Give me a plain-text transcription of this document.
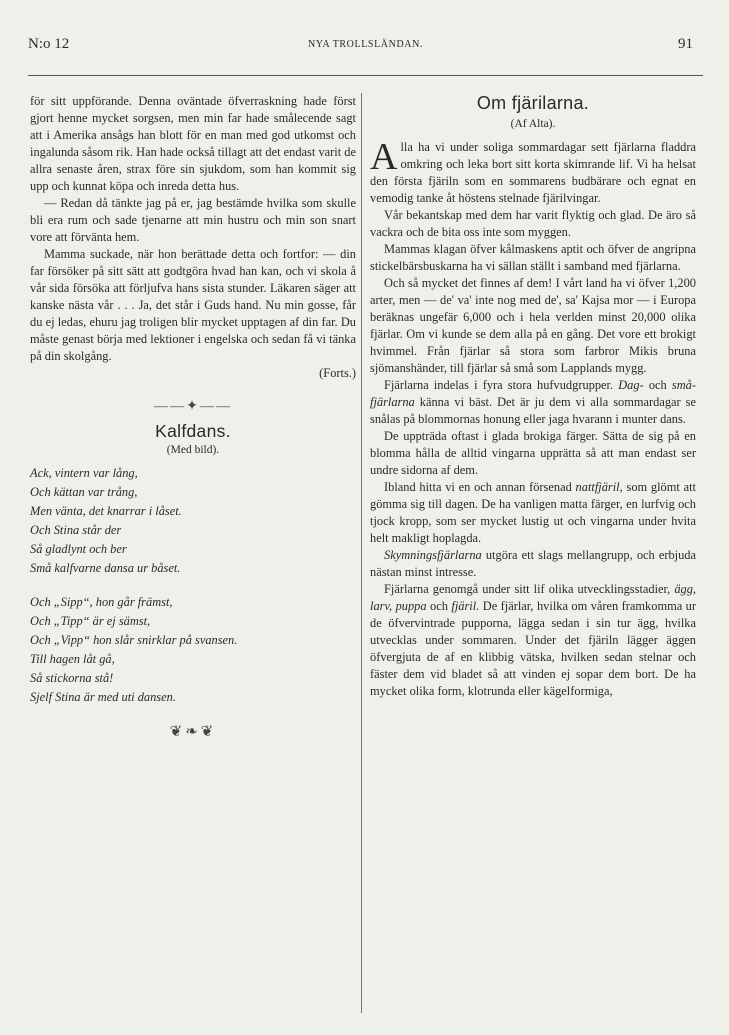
N:o 12	NYA TROLLSLÄNDAN.	91

för sitt uppförande. Denna oväntade öfverraskning hade först gjort henne mycket sorgsen, men min far hade smålecende sagt att i Amerika ansågs han blott för en man med god utkomst och ingalunda såsom rik. Han hade också tillagt att det endast varit de allra senaste åren, strax före sin sjukdom, som han kommit sig upp och kunnat köpa och inreda detta hus.

— Redan då tänkte jag på er, jag bestämde hvilka som skulle bli era rum och sade tjenarne att min hustru och min son snart vore att förvänta hem.

Mamma suckade, när hon berättade detta och fortfor: — din far försöker på sitt sätt att godtgöra hvad han kan, och vi skola å vår sida försöka att förljufva hans sista stunder. Läkaren säger att kanske nästa vår . . . Ja, det står i Guds hand. Nu min gosse, får du ej ledas, ehuru jag troligen blir mycket upptagen af din far. Du måste genast börja med lektioner i engelska och sedan få vi tänka på din skolgång.

(Forts.)

——✦——
Kalfdans.
(Med bild).
Ack, vintern var lång,
Och kättan var trång,
Men vänta, det knarrar i låset.
Och Stina står der
Så gladlynt och ber
Små kalfvarne dansa ur båset.
Och „Sipp“, hon går främst,
Och „Tipp“ är ej sämst,
Och „Vipp“ hon slår snirklar på svansen.
Till hagen låt gå,
Så stickorna stå!
Sjelf Stina är med uti dansen.
❦❧❦
Om fjärilarna.
(Af Alta).

Alla ha vi under soliga sommardagar sett fjärlarna fladdra omkring och leka bort sitt korta skimrande lif. Vi ha helsat den första fjäriln som en sommarens budbärare och egnat en vemodig tanke åt höstens stelnade fjärilvingar.

Vår bekantskap med dem har varit flyktig och glad. De äro så vackra och de bita oss inte som myggen.

Mammas klagan öfver kålmaskens aptit och öfver de angripna stickelbärsbuskarna ha vi sällan ställt i samband med fjärlarna.

Och så mycket det finnes af dem! I vårt land ha vi öfver 1,200 arter, men — de' va' inte nog med de', sa' Kajsa mor — i Europa beräknas ungefär 6,000 och i hela verlden minst 20,000 olika fjärlar. Om vi kunde se dem alla på en gång. Det vore ett brokigt hvimmel. Från fjärlar så stora som farbror Mikis bruna sjömanshänder, till fjärlar så små som Lapplands mygg.

Fjärlarna indelas i fyra stora hufvudgrupper. Dag- och små-fjärlarna känna vi bäst. Det är ju dem vi alla sommardagar se snålas på blommornas honung eller jaga hvarann i munter dans.

De uppträda oftast i glada brokiga färger. Sätta de sig på en blomma hålla de alltid vingarna upprätta så att man endast ser undre sidorna af dem.

Ibland hitta vi en och annan försenad nattfjäril, som glömt att gömma sig till dagen. De ha vanligen matta färger, en lurfvig och tjock kropp, som ser mycket lustig ut och vingarna under hvita helt makligt hoplagda.

Skymningsfjärlarna utgöra ett slags mellangrupp, och erbjuda nästan minst intresse.

Fjärlarna genomgå under sitt lif olika utvecklingsstadier, ägg, larv, puppa och fjäril. De fjärlar, hvilka om våren framkomma ur de öfvervintrade pupporna, lägga sedan i sin tur ägg, hvilka utvecklas under sommaren. Under det fjäriln lägger äggen öfvergjuta de af en klibbig vätska, hvilken sedan stelnar och fäster dem vid bladet så att vinden ej sopar dem bort. De ha mycket olika form, klotrunda eller kägelformiga,
